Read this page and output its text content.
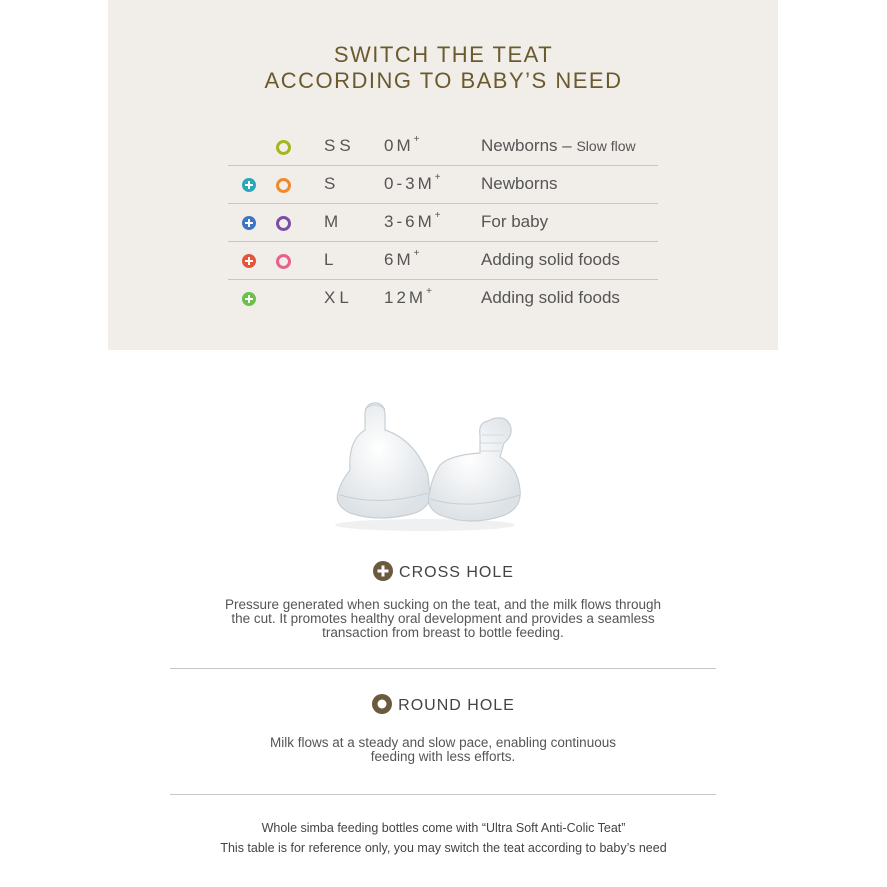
SWITCH THE TEAT
ACCORDING TO BABY’S NEED
SS	0M+	Newborns – Slow flow
S	0-3M+	Newborns
M	3-6M+	For baby
L	6M+	Adding solid foods
XL	12M+	Adding solid foods
CROSS HOLE
Pressure generated when sucking on the teat, and the milk flows through
the cut. It promotes healthy oral development and provides a seamless
transaction from breast to bottle feeding.
ROUND HOLE
Milk flows at a steady and slow pace, enabling continuous
feeding with less efforts.
Whole simba feeding bottles come with “Ultra Soft Anti-Colic Teat”
This table is for reference only, you may switch the teat according to baby’s need
